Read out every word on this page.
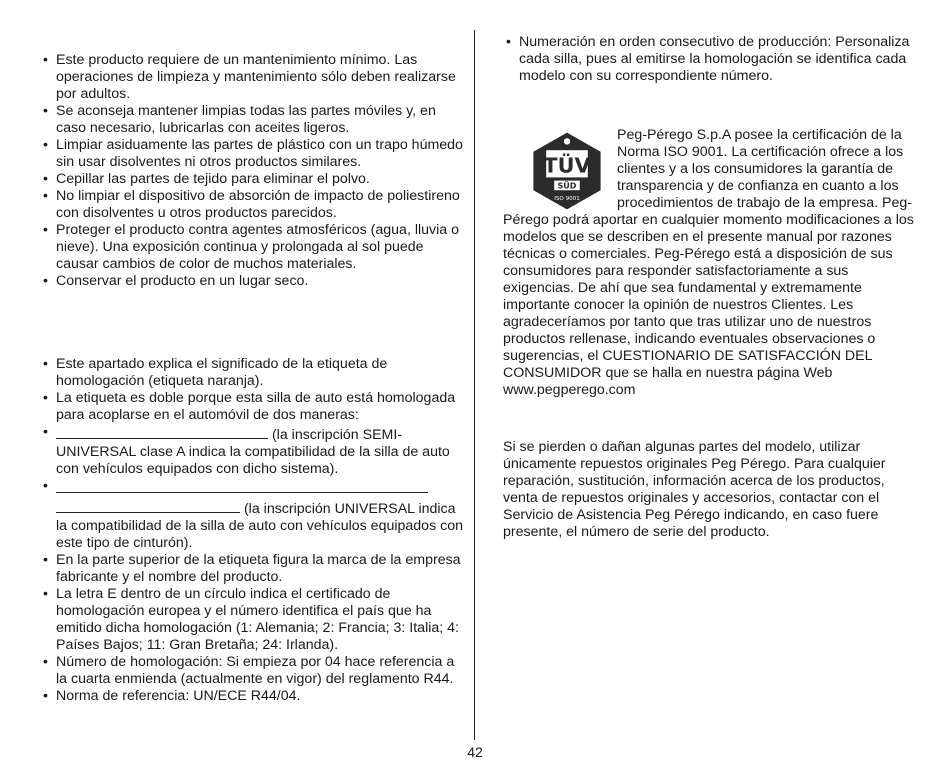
• Este producto requiere de un mantenimiento mínimo. Las operaciones de limpieza y mantenimiento sólo deben realizarse por adultos.
• Se aconseja mantener limpias todas las partes móviles y, en caso necesario, lubricarlas con aceites ligeros.
• Limpiar asiduamente las partes de plástico con un trapo húmedo sin usar disolventes ni otros productos similares.
• Cepillar las partes de tejido para eliminar el polvo.
• No limpiar el dispositivo de absorción de impacto de poliestireno con disolventes u otros productos parecidos.
• Proteger el producto contra agentes atmosféricos (agua, lluvia o nieve). Una exposición continua y prolongada al sol puede causar cambios de color de muchos materiales.
• Conservar el producto en un lugar seco.
• Este apartado explica el significado de la etiqueta de homologación (etiqueta naranja).
• La etiqueta es doble porque esta silla de auto está homologada para acoplarse en el automóvil de dos maneras:
•	(la inscripción SEMI-UNIVERSAL clase A indica la compatibilidad de la silla de auto con vehículos equipados con dicho sistema).
•

(la inscripción UNIVERSAL indica la compatibilidad de la silla de auto con vehículos equipados con este tipo de cinturón).
• En la parte superior de la etiqueta figura la marca de la empresa fabricante y el nombre del producto.
• La letra E dentro de un círculo indica el certificado de homologación europea y el número identifica el país que ha emitido dicha homologación (1: Alemania; 2: Francia; 3: Italia; 4: Países Bajos; 11: Gran Bretaña; 24: Irlanda).
• Número de homologación: Si empieza por 04 hace referencia a la cuarta enmienda (actualmente en vigor) del reglamento R44.
• Norma de referencia: UN/ECE R44/04.
• Numeración en orden consecutivo de producción: Personaliza cada silla, pues al emitirse la homologación se identifica cada modelo con su correspondiente número.
TÜV
SÜD
ISO 9001

Peg-Pérego S.p.A posee la certificación de la Norma ISO 9001. La certificación ofrece a los clientes y a los consumidores la garantía de transparencia y de confianza en cuanto a los procedimientos de trabajo de la empresa. Peg-Pérego podrá aportar en cualquier momento modificaciones a los modelos que se describen en el presente manual por razones técnicas o comerciales. Peg-Pérego está a disposición de sus consumidores para responder satisfactoriamente a sus exigencias. De ahí que sea fundamental y extremamente importante conocer la opinión de nuestros Clientes. Les agradeceríamos por tanto que tras utilizar uno de nuestros productos rellenase, indicando eventuales observaciones o sugerencias, el CUESTIONARIO DE SATISFACCIÓN DEL CONSUMIDOR que se halla en nuestra página Web www.pegperego.com

Si se pierden o dañan algunas partes del modelo, utilizar únicamente repuestos originales Peg Pérego. Para cualquier reparación, sustitución, información acerca de los productos, venta de repuestos originales y accesorios, contactar con el Servicio de Asistencia Peg Pérego indicando, en caso fuere presente, el número de serie del producto.

42
